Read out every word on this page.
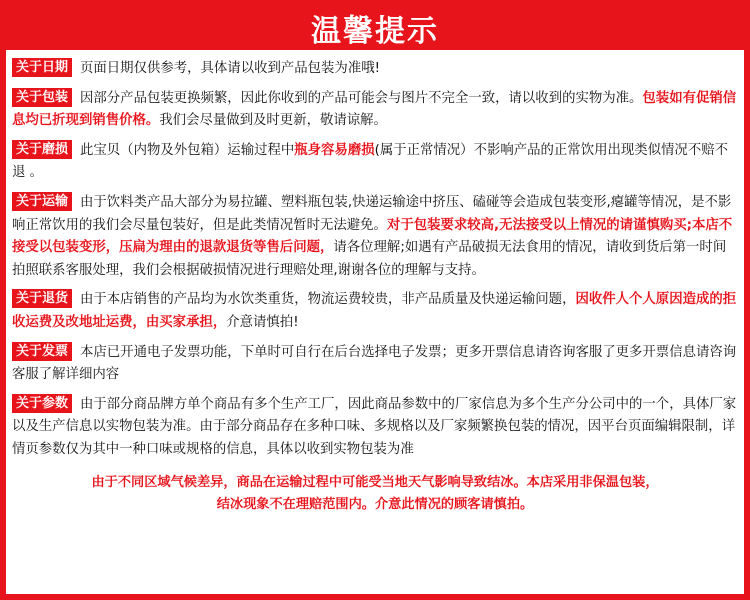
温馨提示
关于日期 页面日期仅供参考，具体请以收到产品包装为准哦!
关于包装 因部分产品包装更换频繁，因此你收到的产品可能会与图片不完全一致，请以收到的实物为准。包装如有促销信息均已折现到销售价格。我们会尽量做到及时更新，敬请谅解。
关于磨损 此宝贝（内物及外包箱）运输过程中瓶身容易磨损(属于正常情况）不影响产品的正常饮用出现类似情况不赔不退 。
关于运输 由于饮料类产品大部分为易拉罐、塑料瓶包装,快递运输途中挤压、磕碰等会造成包装变形,瘪罐等情况，是不影响正常饮用的我们会尽量包装好，但是此类情况暂时无法避免。对于包装要求较高,无法接受以上情况的请谨慎购买;本店不接受以包装变形，压扁为理由的退款退货等售后问题，请各位理解;如遇有产品破损无法食用的情况，请收到货后第一时间拍照联系客服处理，我们会根据破损情况进行理赔处理,谢谢各位的理解与支持。
关于退货 由于本店销售的产品均为水饮类重货，物流运费较贵，非产品质量及快递运输问题，因收件人个人原因造成的拒收运费及改地址运费，由买家承担，介意请慎拍!
关于发票 本店已开通电子发票功能，下单时可自行在后台选择电子发票；更多开票信息请咨询客服了更多开票信息请咨询客服了解详细内容
关于参数 由于部分商品牌方单个商品有多个生产工厂，因此商品参数中的厂家信息为多个生产分公司中的一个，具体厂家以及生产信息以实物包装为准。由于部分商品存在多种口味、多规格以及厂家频繁换包装的情况，因平台页面编辑限制，详情页参数仅为其中一种口味或规格的信息，具体以收到实物包装为准
由于不同区域气候差异，商品在运输过程中可能受当地天气影响导致结冰。本店采用非保温包装，
结冰现象不在理赔范围内。介意此情况的顾客请慎拍。
